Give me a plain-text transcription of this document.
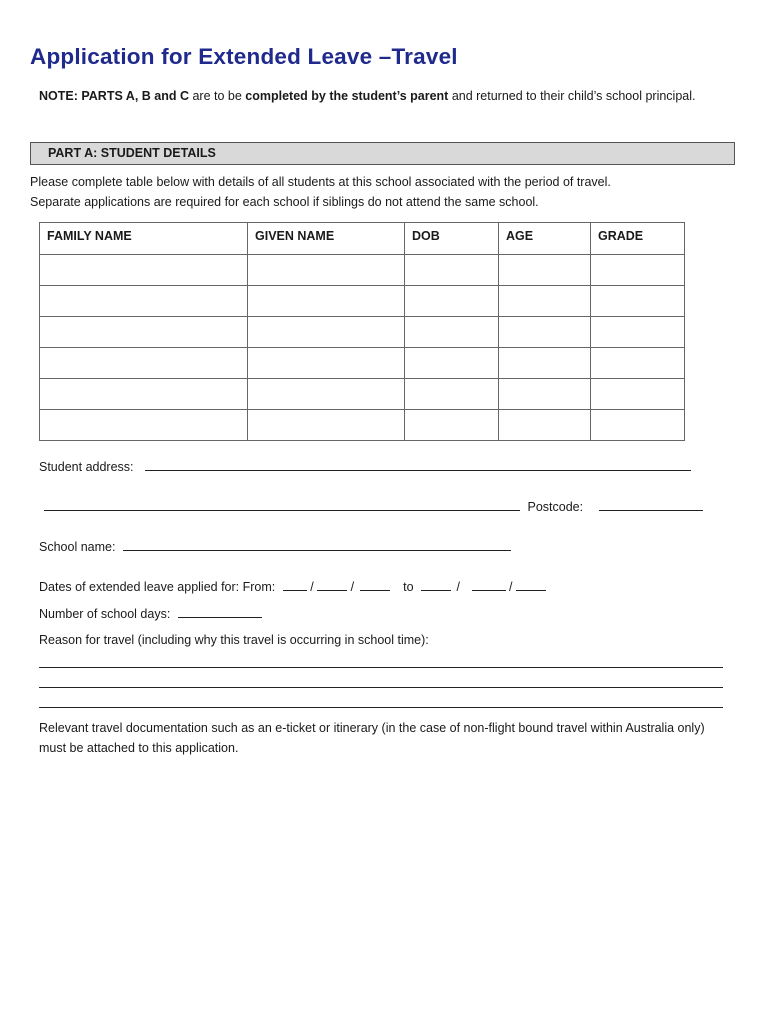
Application for Extended Leave –Travel
NOTE: PARTS A, B and C are to be completed by the student’s parent and returned to their child’s school principal.
PART A: STUDENT DETAILS
Please complete table below with details of all students at this school associated with the period of travel.
Separate applications are required for each school if siblings do not attend the same school.
FAMILY NAME	GIVEN NAME	DOB	AGE	GRADE

Student address:
Postcode:
School name:
Dates of extended leave applied for: From:	/	/	to	/	/
Number of school days:
Reason for travel (including why this travel is occurring in school time):
Relevant travel documentation such as an e-ticket or itinerary (in the case of non-flight bound travel within Australia only) must be attached to this application.
